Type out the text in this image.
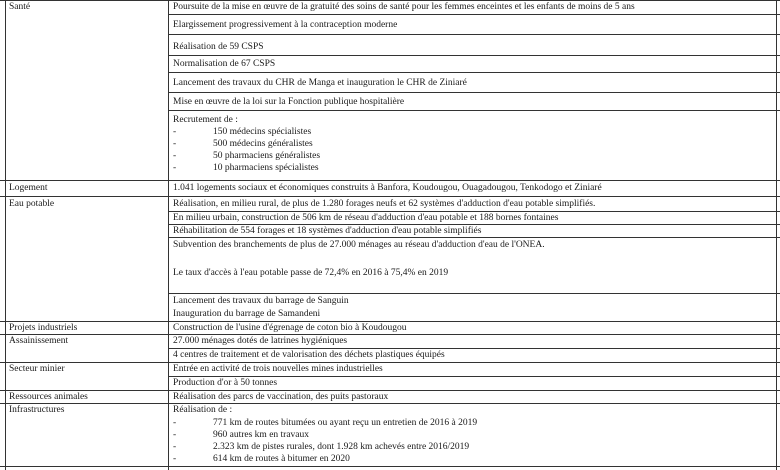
Santé	Poursuite de la mise en œuvre de la gratuité des soins de santé pour les femmes enceintes et les enfants de moins de 5 ans
Elargissement progressivement à la contraception moderne
Réalisation de 59 CSPS
Normalisation de 67 CSPS
Lancement des travaux du CHR de Manga et inauguration le CHR de Ziniaré
Mise en œuvre de la loi sur la Fonction publique hospitalière
Recrutement de :
-	150 médecins spécialistes
-	500 médecins généralistes
-	50 pharmaciens généralistes
-	10 pharmaciens spécialistes
Logement	1.041 logements sociaux et économiques construits à Banfora, Koudougou, Ouagadougou, Tenkodogo et Ziniaré
Eau potable	Réalisation, en milieu rural, de plus de 1.280 forages neufs et 62 systèmes d'adduction d'eau potable simplifiés.
En milieu urbain, construction de 506 km de réseau d'adduction d'eau potable et 188 bornes fontaines
Réhabilitation de 554 forages et 18 systèmes d'adduction d'eau potable simplifiés
Subvention des branchements de plus de 27.000 ménages au réseau d'adduction d'eau de l'ONEA.
Le taux d'accès à l'eau potable passe de 72,4% en 2016 à 75,4% en 2019
Lancement des travaux du barrage de Sanguin
Inauguration du barrage de Samandeni
Projets industriels	Construction de l'usine d'égrenage de coton bio à Koudougou
Assainissement	27.000 ménages dotés de latrines hygiéniques
4 centres de traitement et de valorisation des déchets plastiques équipés
Secteur minier	Entrée en activité de trois nouvelles mines industrielles
Production d'or à 50 tonnes
Ressources animales	Réalisation des parcs de vaccination, des puits pastoraux
Infrastructures	Réalisation de :
-	771 km de routes bitumées ou ayant reçu un entretien de 2016 à 2019
-	960 autres km en travaux
-	2.323 km de pistes rurales, dont 1.928 km achevés entre 2016/2019
-	614 km de routes à bitumer en 2020
